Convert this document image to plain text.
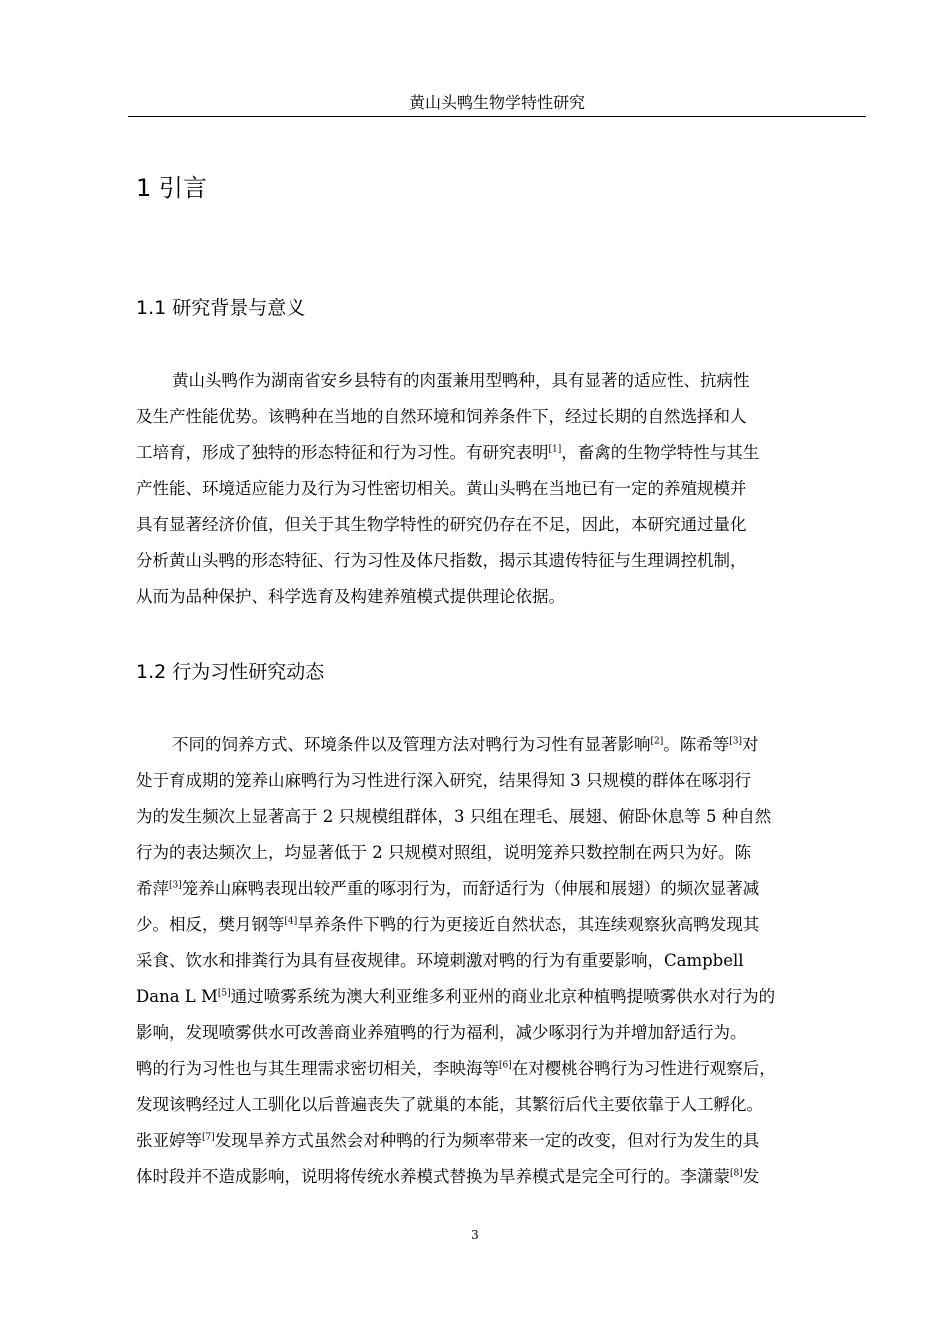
黄山头鸭生物学特性研究
1 引言
1.1 研究背景与意义
黄山头鸭作为湖南省安乡县特有的肉蛋兼用型鸭种，具有显著的适应性、抗病性
及生产性能优势。该鸭种在当地的自然环境和饲养条件下，经过长期的自然选择和人
工培育，形成了独特的形态特征和行为习性。有研究表明[1]，畜禽的生物学特性与其生
产性能、环境适应能力及行为习性密切相关。黄山头鸭在当地已有一定的养殖规模并
具有显著经济价值，但关于其生物学特性的研究仍存在不足，因此，本研究通过量化
分析黄山头鸭的形态特征、行为习性及体尺指数，揭示其遗传特征与生理调控机制，
从而为品种保护、科学选育及构建养殖模式提供理论依据。
1.2 行为习性研究动态
不同的饲养方式、环境条件以及管理方法对鸭行为习性有显著影响[2]。陈希等[3]对
处于育成期的笼养山麻鸭行为习性进行深入研究，结果得知 3 只规模的群体在啄羽行
为的发生频次上显著高于 2 只规模组群体，3 只组在理毛、展翅、俯卧休息等 5 种自然
行为的表达频次上，均显著低于 2 只规模对照组，说明笼养只数控制在两只为好。陈
希萍[3]笼养山麻鸭表现出较严重的啄羽行为，而舒适行为（伸展和展翅）的频次显著减
少。相反，樊月钢等[4]旱养条件下鸭的行为更接近自然状态，其连续观察狄高鸭发现其
采食、饮水和排粪行为具有昼夜规律。环境刺激对鸭的行为有重要影响，Campbell
Dana L M[5]通过喷雾系统为澳大利亚维多利亚州的商业北京种植鸭提喷雾供水对行为的
影响，发现喷雾供水可改善商业养殖鸭的行为福利，减少啄羽行为并增加舒适行为。
鸭的行为习性也与其生理需求密切相关，李映海等[6]在对樱桃谷鸭行为习性进行观察后，
发现该鸭经过人工驯化以后普遍丧失了就巢的本能，其繁衍后代主要依靠于人工孵化。
张亚婷等[7]发现旱养方式虽然会对种鸭的行为频率带来一定的改变，但对行为发生的具
体时段并不造成影响，说明将传统水养模式替换为旱养模式是完全可行的。李潇蒙[8]发
3
